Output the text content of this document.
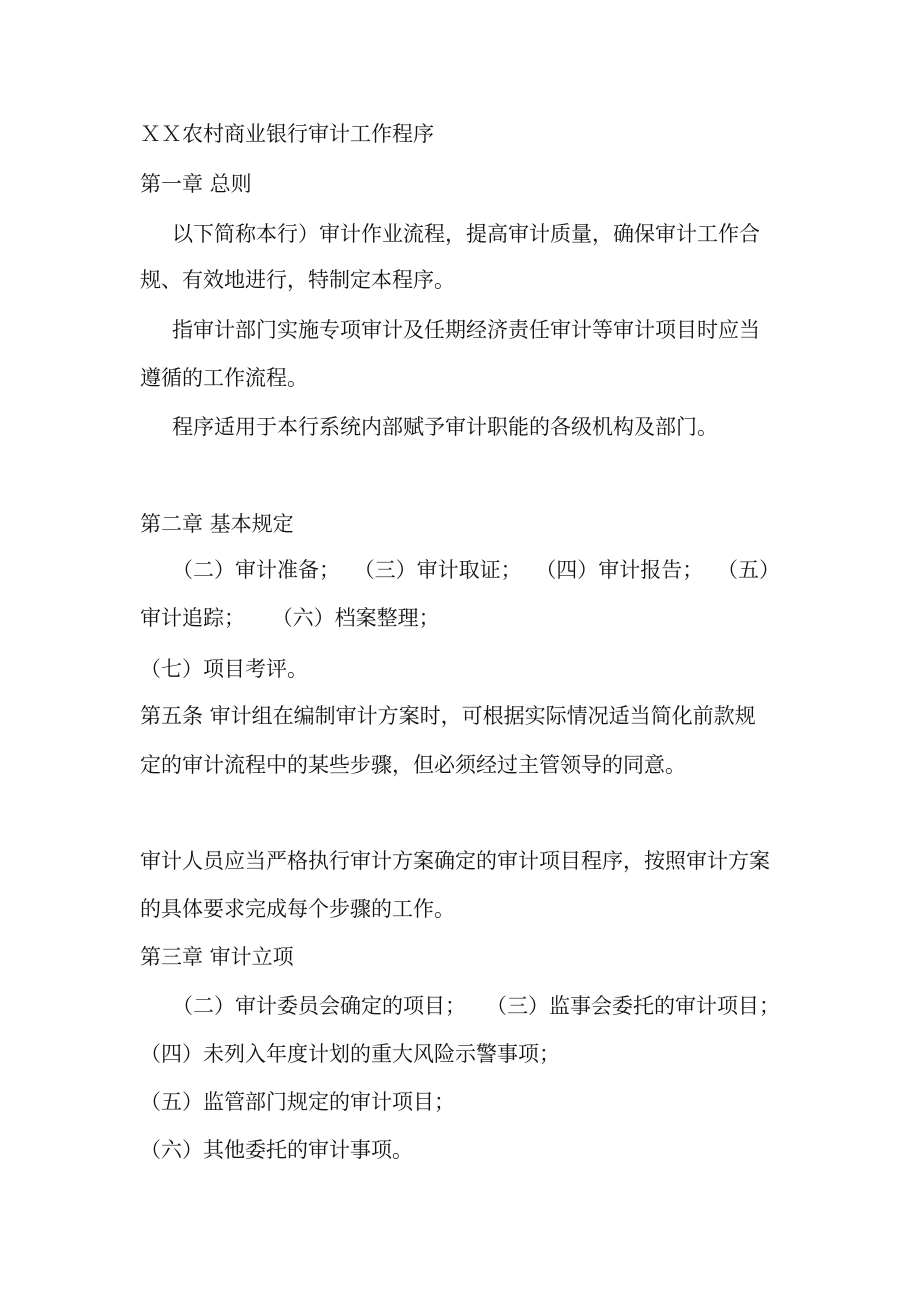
ＸＸ农村商业银行审计工作程序
第一章 总则
以下简称本行）审计作业流程，提高审计质量，确保审计工作合
规、有效地进行，特制定本程序。
指审计部门实施专项审计及任期经济责任审计等审计项目时应当
遵循的工作流程。
程序适用于本行系统内部赋予审计职能的各级机构及部门。
第二章 基本规定
（二）审计准备； （三）审计取证； （四）审计报告； （五）
审计追踪； （六）档案整理；
（七）项目考评。
第五条 审计组在编制审计方案时，可根据实际情况适当简化前款规
定的审计流程中的某些步骤，但必须经过主管领导的同意。
审计人员应当严格执行审计方案确定的审计项目程序，按照审计方案
的具体要求完成每个步骤的工作。
第三章 审计立项
（二）审计委员会确定的项目； （三）监事会委托的审计项目；
（四）未列入年度计划的重大风险示警事项；
（五）监管部门规定的审计项目；
（六）其他委托的审计事项。
